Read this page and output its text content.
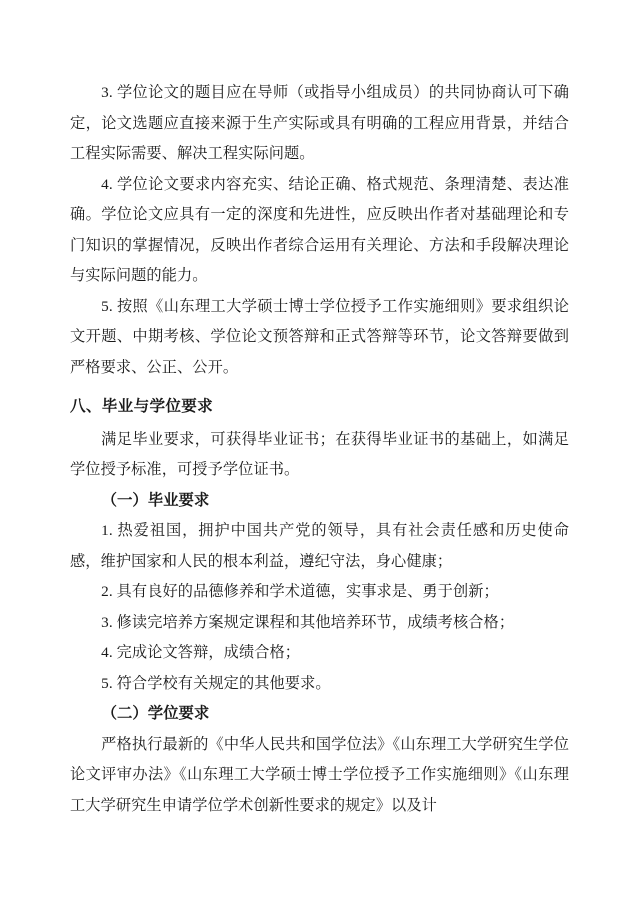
3. 学位论文的题目应在导师（或指导小组成员）的共同协商认可下确定，论文选题应直接来源于生产实际或具有明确的工程应用背景，并结合工程实际需要、解决工程实际问题。

4. 学位论文要求内容充实、结论正确、格式规范、条理清楚、表达准确。学位论文应具有一定的深度和先进性，应反映出作者对基础理论和专门知识的掌握情况，反映出作者综合运用有关理论、方法和手段解决理论与实际问题的能力。

5. 按照《山东理工大学硕士博士学位授予工作实施细则》要求组织论文开题、中期考核、学位论文预答辩和正式答辩等环节，论文答辩要做到严格要求、公正、公开。

八、毕业与学位要求

满足毕业要求，可获得毕业证书；在获得毕业证书的基础上，如满足学位授予标准，可授予学位证书。

（一）毕业要求

1. 热爱祖国，拥护中国共产党的领导，具有社会责任感和历史使命感，维护国家和人民的根本利益，遵纪守法，身心健康；

2. 具有良好的品德修养和学术道德，实事求是、勇于创新；

3. 修读完培养方案规定课程和其他培养环节，成绩考核合格；

4. 完成论文答辩，成绩合格；

5. 符合学校有关规定的其他要求。

（二）学位要求

严格执行最新的《中华人民共和国学位法》《山东理工大学研究生学位论文评审办法》《山东理工大学硕士博士学位授予工作实施细则》《山东理工大学研究生申请学位学术创新性要求的规定》以及计
